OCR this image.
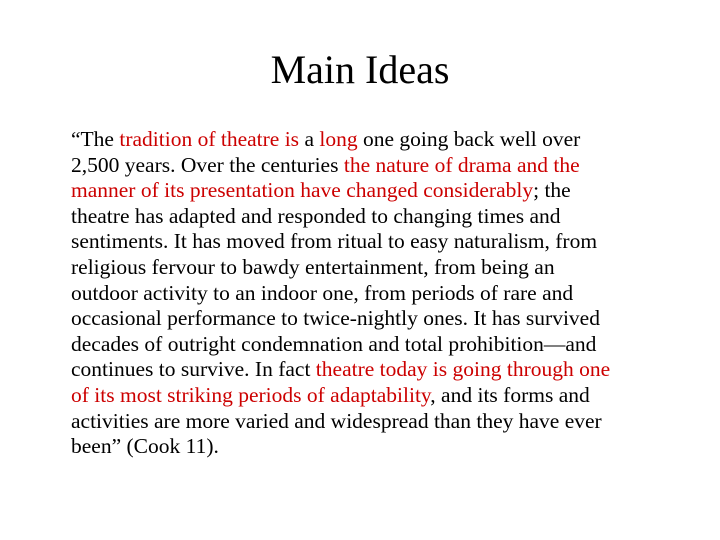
Main Ideas
“The tradition of theatre is a long one going back well over
2,500 years. Over the centuries the nature of drama and the
manner of its presentation have changed considerably; the
theatre has adapted and responded to changing times and
sentiments. It has moved from ritual to easy naturalism, from
religious fervour to bawdy entertainment, from being an
outdoor activity to an indoor one, from periods of rare and
occasional performance to twice-nightly ones. It has survived
decades of outright condemnation and total prohibition—and
continues to survive. In fact theatre today is going through one
of its most striking periods of adaptability, and its forms and
activities are more varied and widespread than they have ever
been” (Cook 11).
